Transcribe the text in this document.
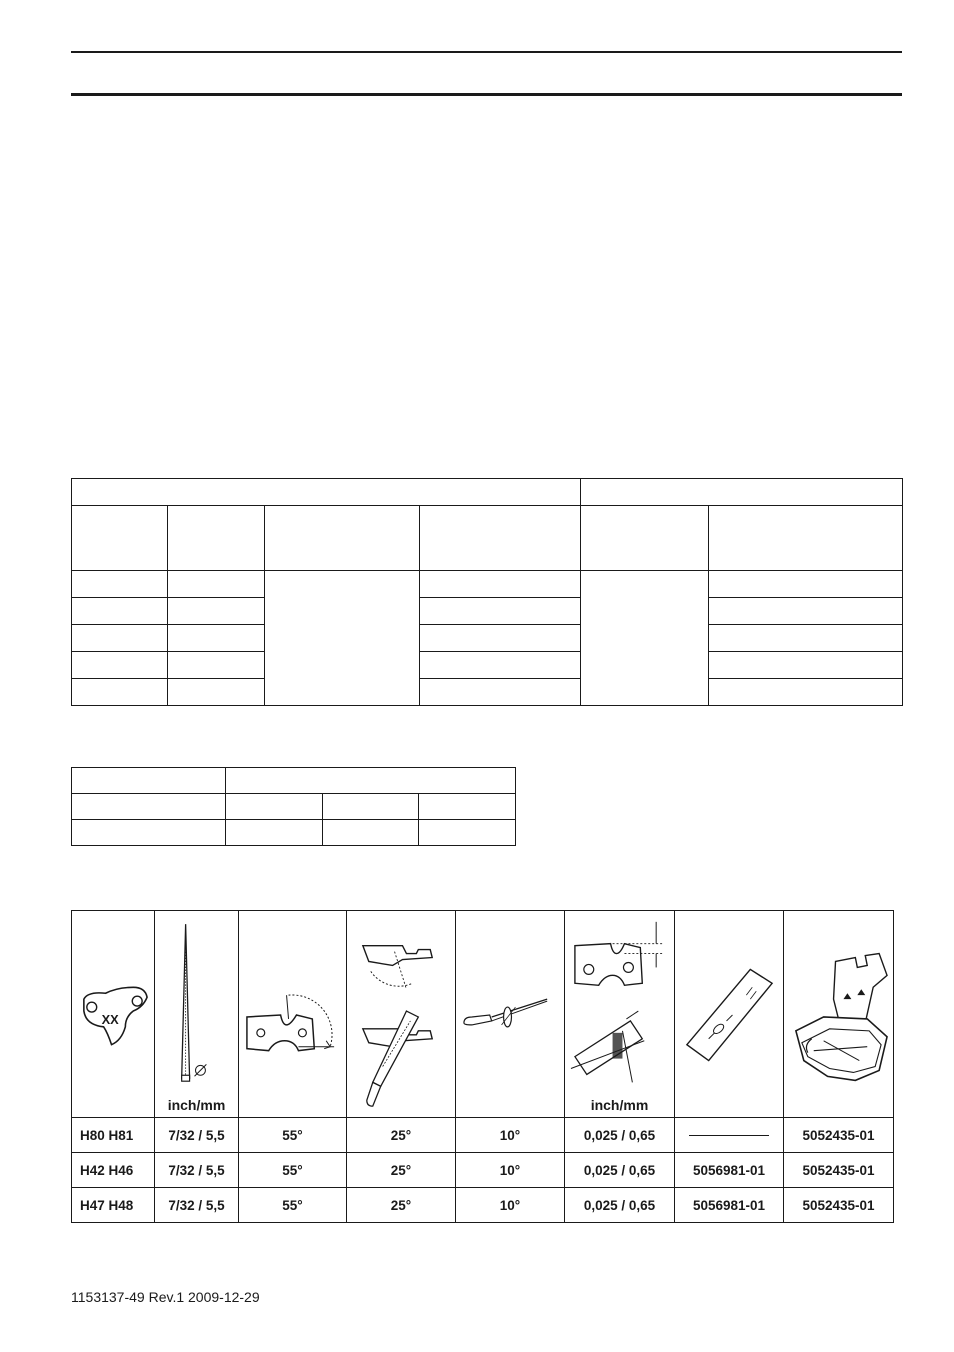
XX	inch/mm				inch/mm

H80 H81	7/32 / 5,5	55°	25°	10°	0,025 / 0,65		5052435-01
H42 H46	7/32 / 5,5	55°	25°	10°	0,025 / 0,65	5056981-01	5052435-01
H47 H48	7/32 / 5,5	55°	25°	10°	0,025 / 0,65	5056981-01	5052435-01
1153137-49 Rev.1 2009-12-29
